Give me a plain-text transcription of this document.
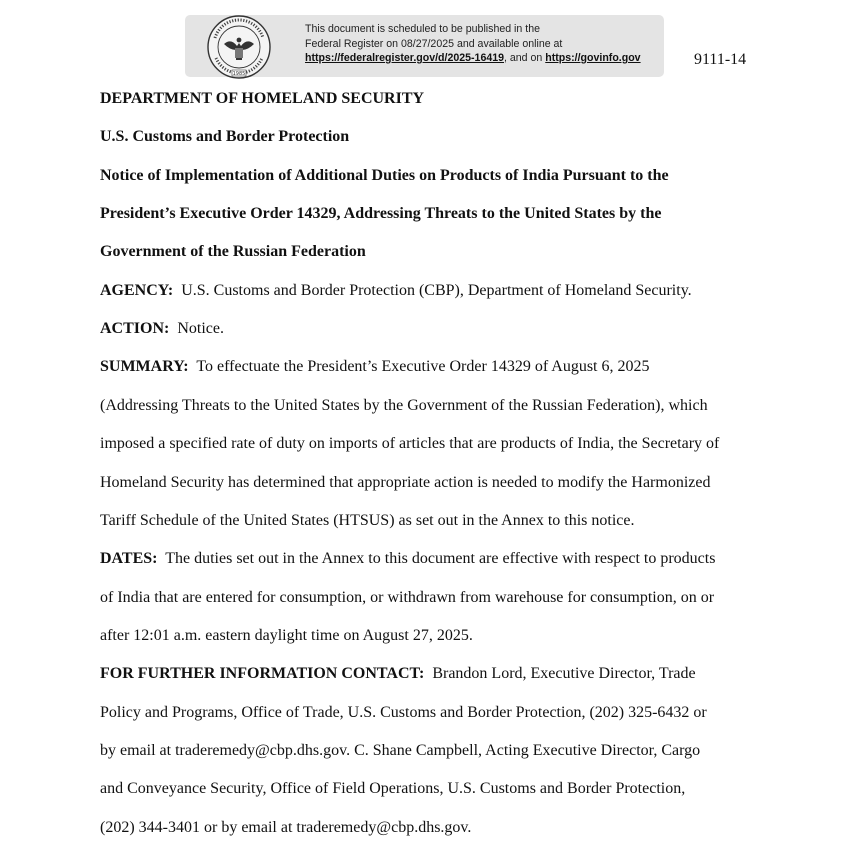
1985
This document is scheduled to be published in the
Federal Register on 08/27/2025 and available online at
https://federalregister.gov/d/2025-16419, and on https://govinfo.gov	9111-14
DEPARTMENT OF HOMELAND SECURITY
U.S. Customs and Border Protection
Notice of Implementation of Additional Duties on Products of India Pursuant to the
President’s Executive Order 14329, Addressing Threats to the United States by the
Government of the Russian Federation
AGENCY: U.S. Customs and Border Protection (CBP), Department of Homeland Security.
ACTION: Notice.
SUMMARY: To effectuate the President’s Executive Order 14329 of August 6, 2025
(Addressing Threats to the United States by the Government of the Russian Federation), which
imposed a specified rate of duty on imports of articles that are products of India, the Secretary of
Homeland Security has determined that appropriate action is needed to modify the Harmonized
Tariff Schedule of the United States (HTSUS) as set out in the Annex to this notice.
DATES: The duties set out in the Annex to this document are effective with respect to products
of India that are entered for consumption, or withdrawn from warehouse for consumption, on or
after 12:01 a.m. eastern daylight time on August 27, 2025.
FOR FURTHER INFORMATION CONTACT: Brandon Lord, Executive Director, Trade
Policy and Programs, Office of Trade, U.S. Customs and Border Protection, (202) 325-6432 or
by email at traderemedy@cbp.dhs.gov. C. Shane Campbell, Acting Executive Director, Cargo
and Conveyance Security, Office of Field Operations, U.S. Customs and Border Protection,
(202) 344-3401 or by email at traderemedy@cbp.dhs.gov.
